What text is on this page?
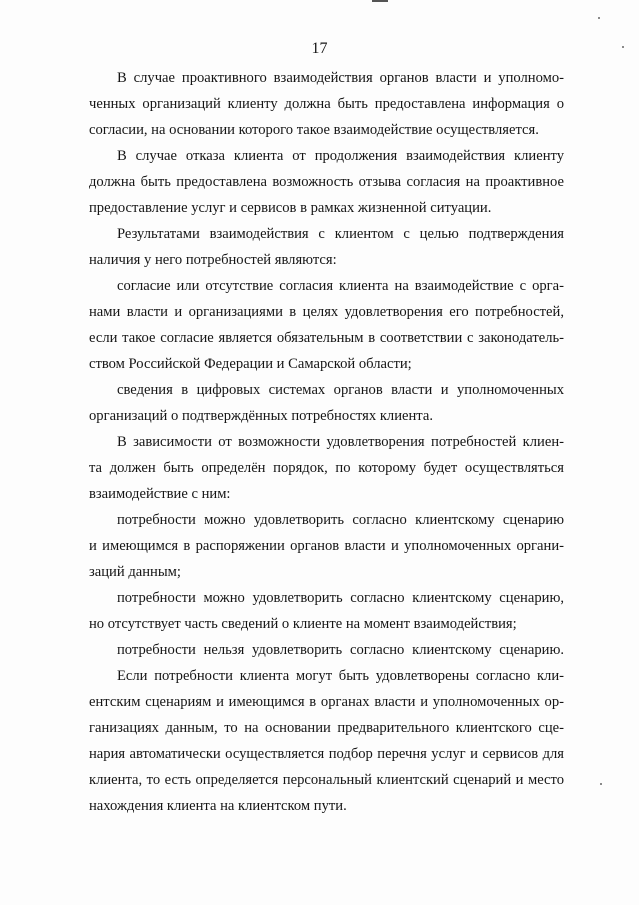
17
В случае проактивного взаимодействия органов власти и уполномо-
ченных организаций клиенту должна быть предоставлена информация о
согласии, на основании которого такое взаимодействие осуществляется.
В случае отказа клиента от продолжения взаимодействия клиенту
должна быть предоставлена возможность отзыва согласия на проактивное
предоставление услуг и сервисов в рамках жизненной ситуации.
Результатами взаимодействия с клиентом с целью подтверждения
наличия у него потребностей являются:
согласие или отсутствие согласия клиента на взаимодействие с орга-
нами власти и организациями в целях удовлетворения его потребностей,
если такое согласие является обязательным в соответствии с законодатель-
ством Российской Федерации и Самарской области;
сведения в цифровых системах органов власти и уполномоченных
организаций о подтверждённых потребностях клиента.
В зависимости от возможности удовлетворения потребностей клиен-
та должен быть определён порядок, по которому будет осуществляться
взаимодействие с ним:
потребности можно удовлетворить согласно клиентскому сценарию
и имеющимся в распоряжении органов власти и уполномоченных органи-
заций данным;
потребности можно удовлетворить согласно клиентскому сценарию,
но отсутствует часть сведений о клиенте на момент взаимодействия;
потребности нельзя удовлетворить согласно клиентскому сценарию.
Если потребности клиента могут быть удовлетворены согласно кли-
ентским сценариям и имеющимся в органах власти и уполномоченных ор-
ганизациях данным, то на основании предварительного клиентского сце-
нария автоматически осуществляется подбор перечня услуг и сервисов для
клиента, то есть определяется персональный клиентский сценарий и место
нахождения клиента на клиентском пути.
